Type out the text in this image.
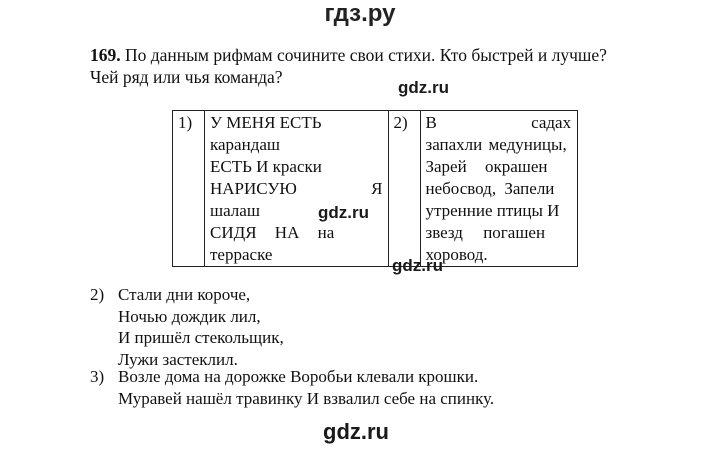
гдз.ру
169. По данным рифмам сочините свои стихи. Кто быстрей и лучше?
Чей ряд или чья команда?
gdz.ru
1)	У МЕНЯ ЕСТЬ
карандаш
ЕСТЬ И краски
НАРИСУЮ Я
шалаш
СИДЯ НА на
терраске
	2)	В садах
запахли медуницы,
Зарей окрашен
небосвод, Запели
утренние птицы И
звезд погашен
хоровод.
gdz.ru
gdz.ru
2) Стали дни короче,
Ночью дождик лил,
И пришёл стекольщик,
Лужи застеклил.
3) Возле дома на дорожке Воробьи клевали крошки.
Муравей нашёл травинку И взвалил себе на спинку.
gdz.ru
